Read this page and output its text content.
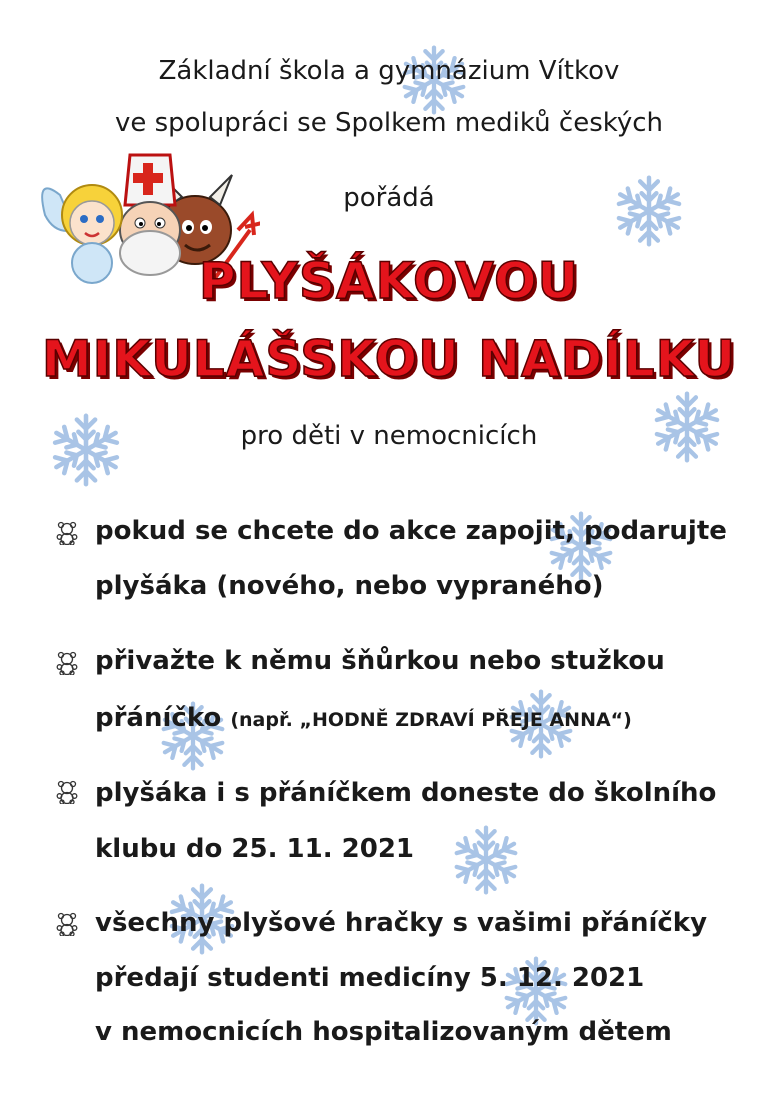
Základní škola a gymnázium Vítkov
ve spolupráci se Spolkem mediků českých
pořádá
PLYŠÁKOVOU
MIKULÁŠSKOU NADÍLKU
pro děti v nemocnicích
pokud se chcete do akce zapojit, podarujte
plyšáka (nového, nebo vypraného)
přivažte k němu šňůrkou nebo stužkou
přáníčko (např. „HODNĚ ZDRAVÍ PŘEJE ANNA“)
plyšáka i s přáníčkem doneste do školního
klubu do 25. 11. 2021
všechny plyšové hračky s vašimi přáníčky
předají studenti medicíny 5. 12. 2021
v nemocnicích hospitalizovaným dětem
